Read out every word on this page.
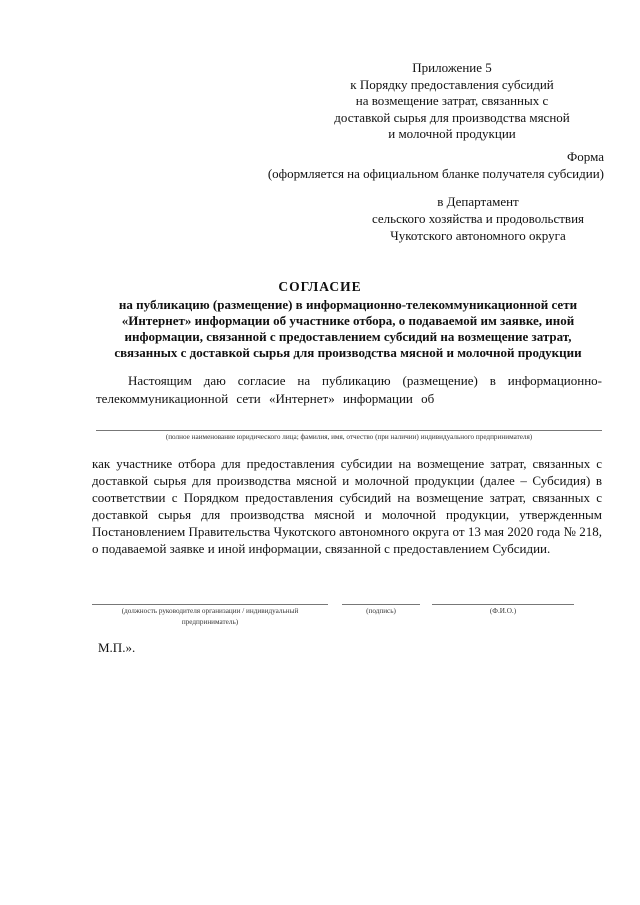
Приложение 5
к Порядку предоставления субсидий
на возмещение затрат, связанных с
доставкой сырья для производства мясной
и молочной продукции
Форма
(оформляется на официальном бланке получателя субсидии)
в Департамент
сельского хозяйства и продовольствия
Чукотского автономного округа
СОГЛАСИЕ
на публикацию (размещение) в информационно-телекоммуникационной сети «Интернет» информации об участнике отбора, о подаваемой им заявке, иной информации, связанной с предоставлением субсидий на возмещение затрат, связанных с доставкой сырья для производства мясной и молочной продукции
Настоящим даю согласие на публикацию (размещение) в информационно-
телекоммуникационной сети «Интернет» информации об
(полное наименование юридического лица; фамилия, имя, отчество (при наличии) индивидуального предпринимателя)
как участнике отбора для предоставления субсидии на возмещение затрат, связанных с доставкой сырья для производства мясной и молочной продукции (далее – Субсидия) в соответствии с Порядком предоставления субсидий на возмещение затрат, связанных с доставкой сырья для производства мясной и молочной продукции, утвержденным Постановлением Правительства Чукотского автономного округа от 13 мая 2020 года № 218, о подаваемой заявке и иной информации, связанной с предоставлением Субсидии.
(должность руководителя организации / индивидуальный
предприниматель)
(подпись)	(Ф.И.О.)
М.П.».
